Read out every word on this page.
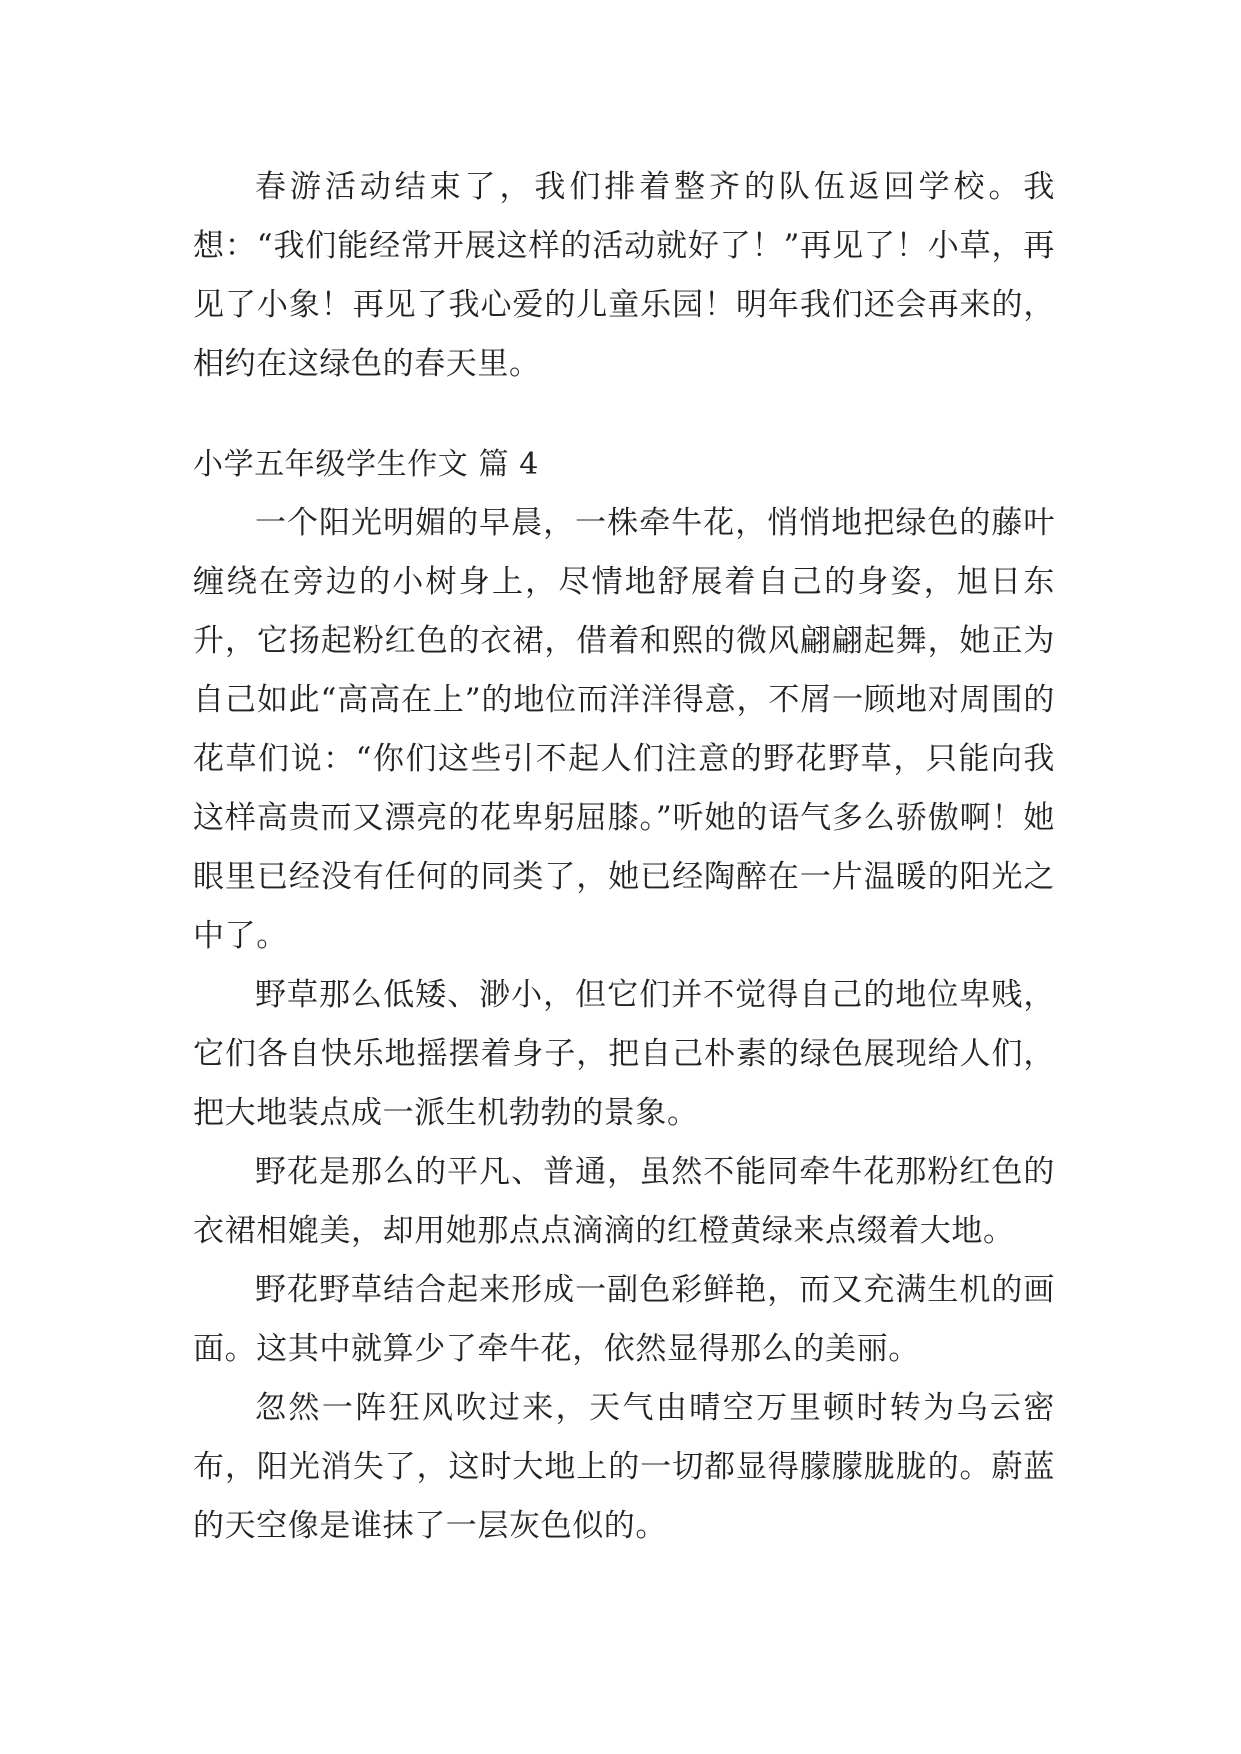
春游活动结束了，我们排着整齐的队伍返回学校。我想：“我们能经常开展这样的活动就好了！”再见了！小草，再见了小象！再见了我心爱的儿童乐园！明年我们还会再来的，相约在这绿色的春天里。

小学五年级学生作文 篇 4

一个阳光明媚的早晨，一株牵牛花，悄悄地把绿色的藤叶缠绕在旁边的小树身上，尽情地舒展着自己的身姿，旭日东升，它扬起粉红色的衣裙，借着和熙的微风翩翩起舞，她正为自己如此“高高在上”的地位而洋洋得意，不屑一顾地对周围的花草们说：“你们这些引不起人们注意的野花野草，只能向我这样高贵而又漂亮的花卑躬屈膝。”听她的语气多么骄傲啊！她眼里已经没有任何的同类了，她已经陶醉在一片温暖的阳光之中了。

野草那么低矮、渺小，但它们并不觉得自己的地位卑贱，它们各自快乐地摇摆着身子，把自己朴素的绿色展现给人们，把大地装点成一派生机勃勃的景象。

野花是那么的平凡、普通，虽然不能同牵牛花那粉红色的衣裙相媲美，却用她那点点滴滴的红橙黄绿来点缀着大地。

野花野草结合起来形成一副色彩鲜艳，而又充满生机的画面。这其中就算少了牵牛花，依然显得那么的美丽。

忽然一阵狂风吹过来，天气由晴空万里顿时转为乌云密布，阳光消失了，这时大地上的一切都显得朦朦胧胧的。蔚蓝的天空像是谁抹了一层灰色似的。
